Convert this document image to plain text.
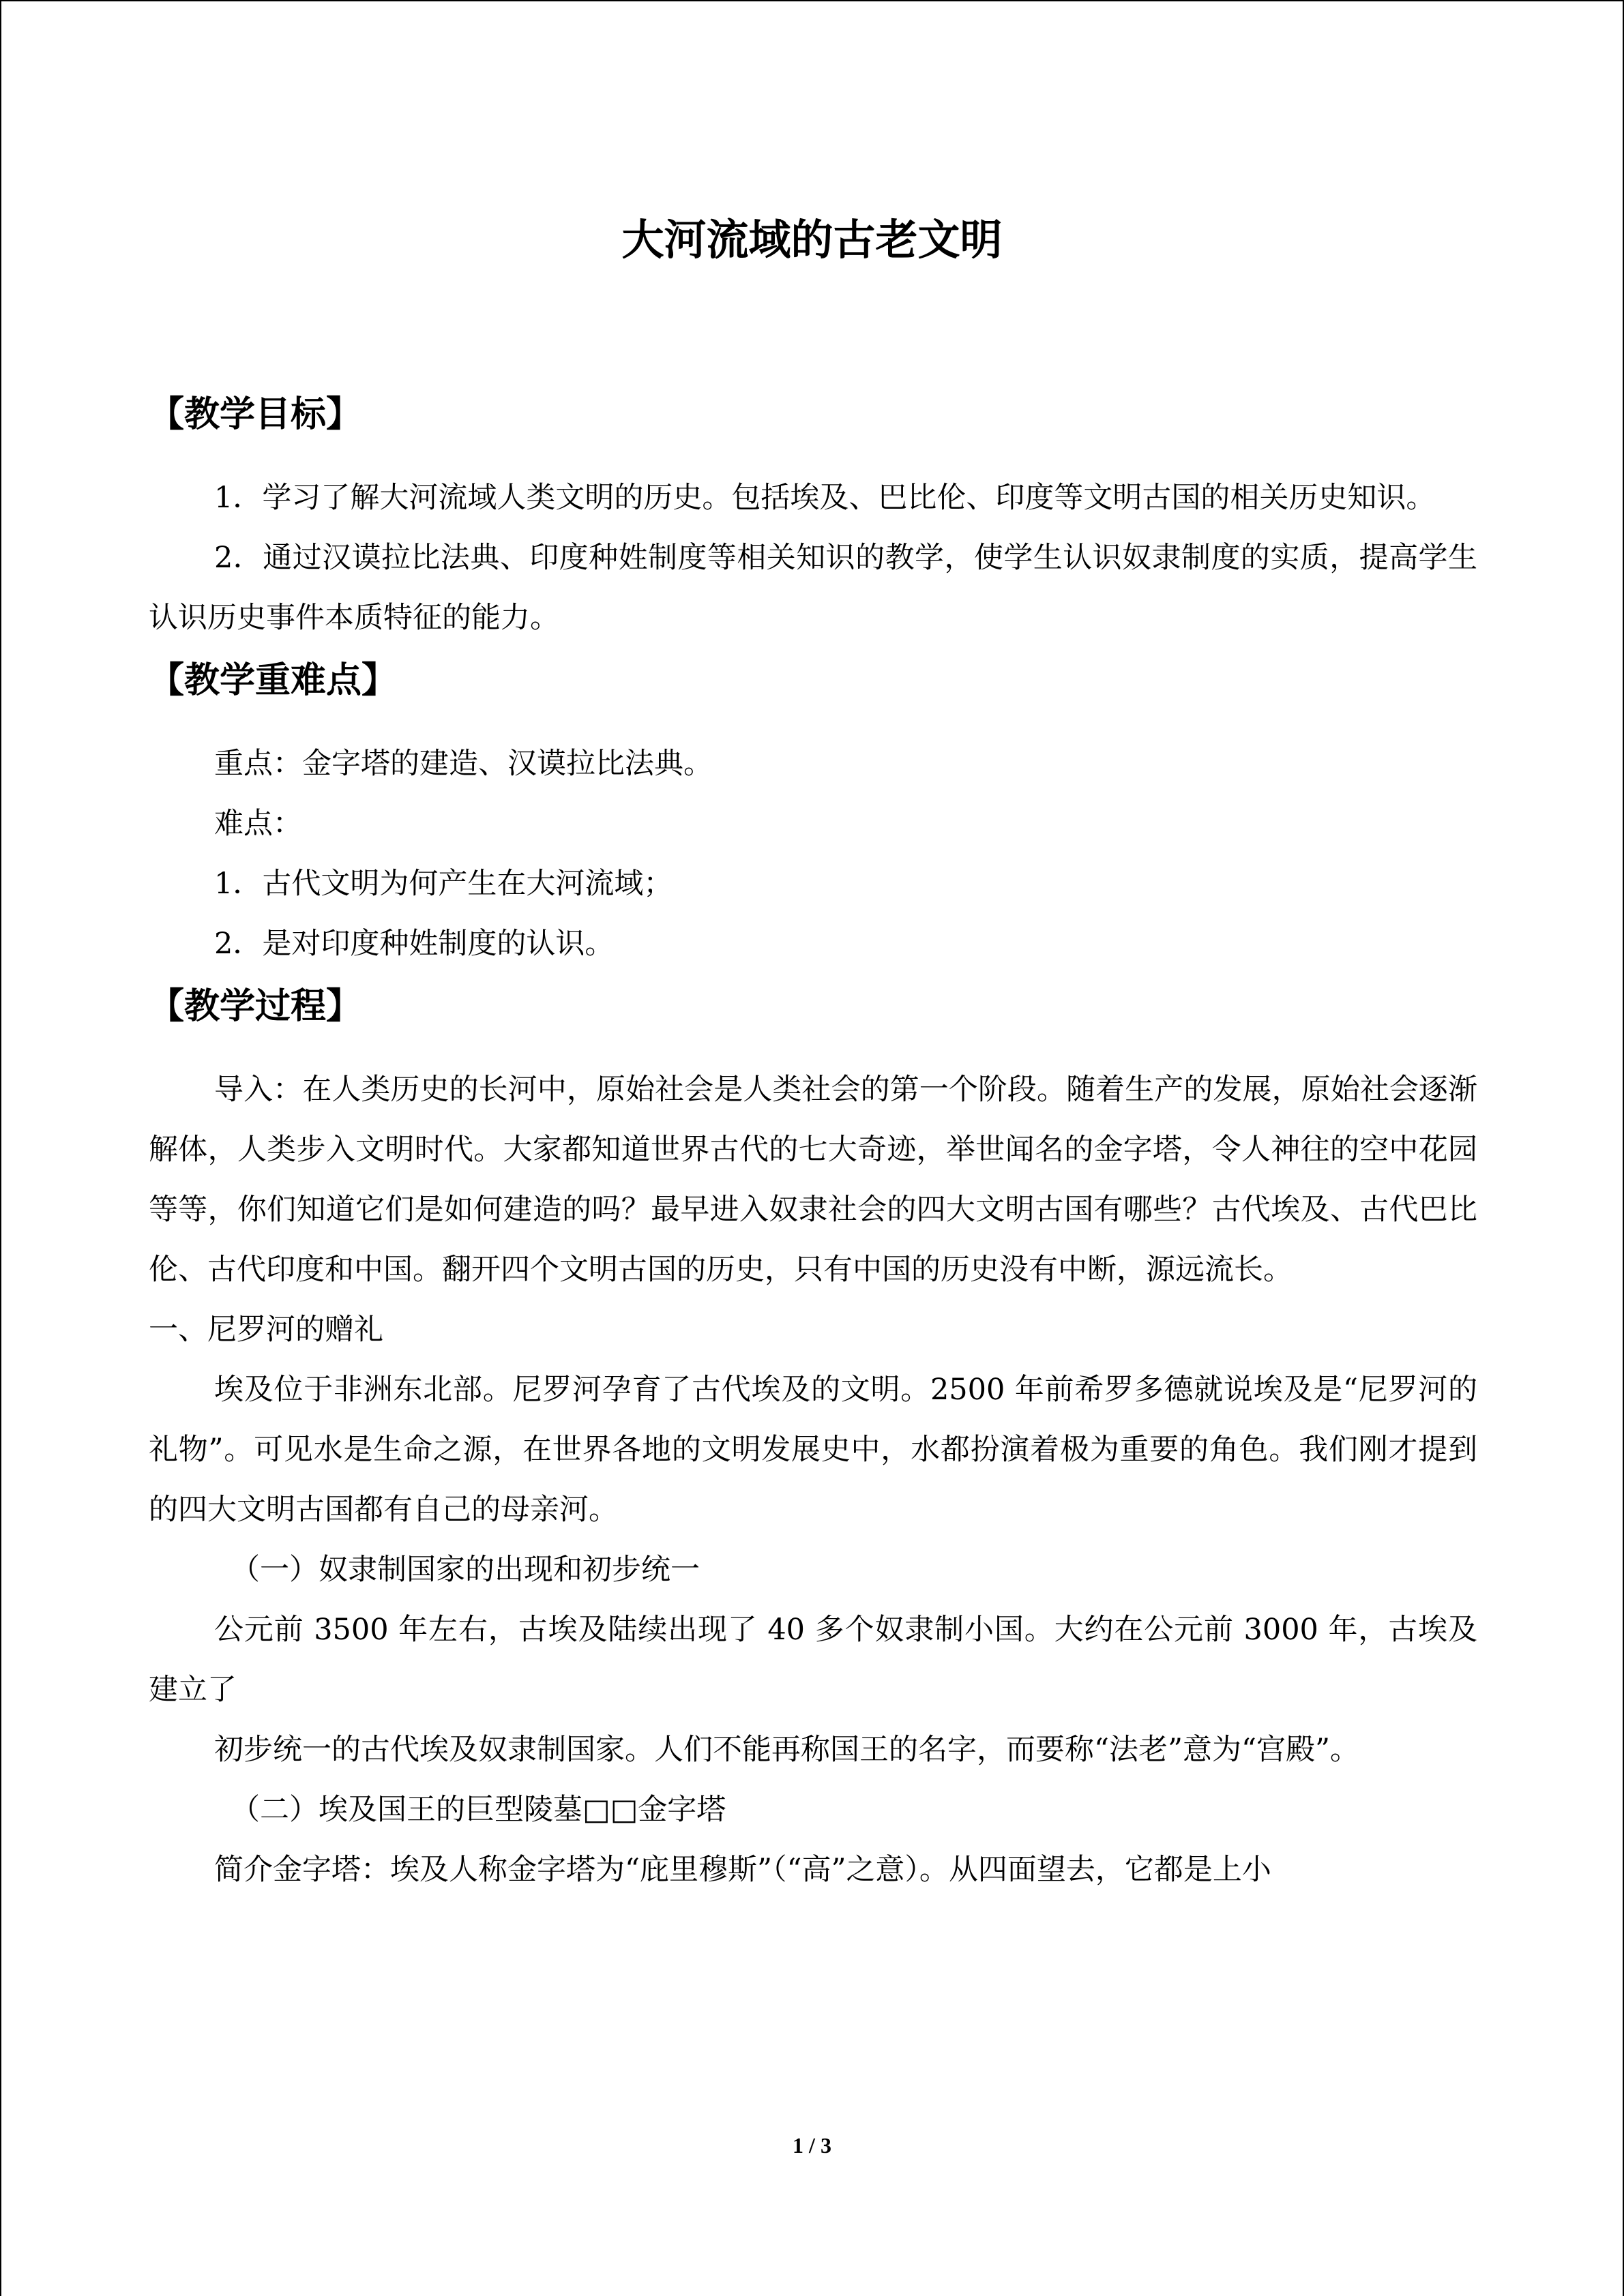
大河流域的古老文明
【教学目标】

1．学习了解大河流域人类文明的历史。包括埃及、巴比伦、印度等文明古国的相关历史知识。

2．通过汉谟拉比法典、印度种姓制度等相关知识的教学，使学生认识奴隶制度的实质，提高学生认识历史事件本质特征的能力。

【教学重难点】
重点：金字塔的建造、汉谟拉比法典。
难点：
1．古代文明为何产生在大河流域；
2．是对印度种姓制度的认识。
【教学过程】

导入：在人类历史的长河中，原始社会是人类社会的第一个阶段。随着生产的发展，原始社会逐渐解体，人类步入文明时代。大家都知道世界古代的七大奇迹，举世闻名的金字塔，令人神往的空中花园等等，你们知道它们是如何建造的吗？最早进入奴隶社会的四大文明古国有哪些？古代埃及、古代巴比伦、古代印度和中国。翻开四个文明古国的历史，只有中国的历史没有中断，源远流长。

一、尼罗河的赠礼

埃及位于非洲东北部。尼罗河孕育了古代埃及的文明。2500 年前希罗多德就说埃及是“尼罗河的礼物”。可见水是生命之源，在世界各地的文明发展史中，水都扮演着极为重要的角色。我们刚才提到的四大文明古国都有自己的母亲河。

（一）奴隶制国家的出现和初步统一

公元前 3500 年左右，古埃及陆续出现了 40 多个奴隶制小国。大约在公元前 3000 年，古埃及建立了

初步统一的古代埃及奴隶制国家。人们不能再称国王的名字，而要称“法老”意为“宫殿”。

（二）埃及国王的巨型陵墓□□金字塔

简介金字塔：埃及人称金字塔为“庇里穆斯”（“高”之意）。从四面望去，它都是上小

1 / 3
